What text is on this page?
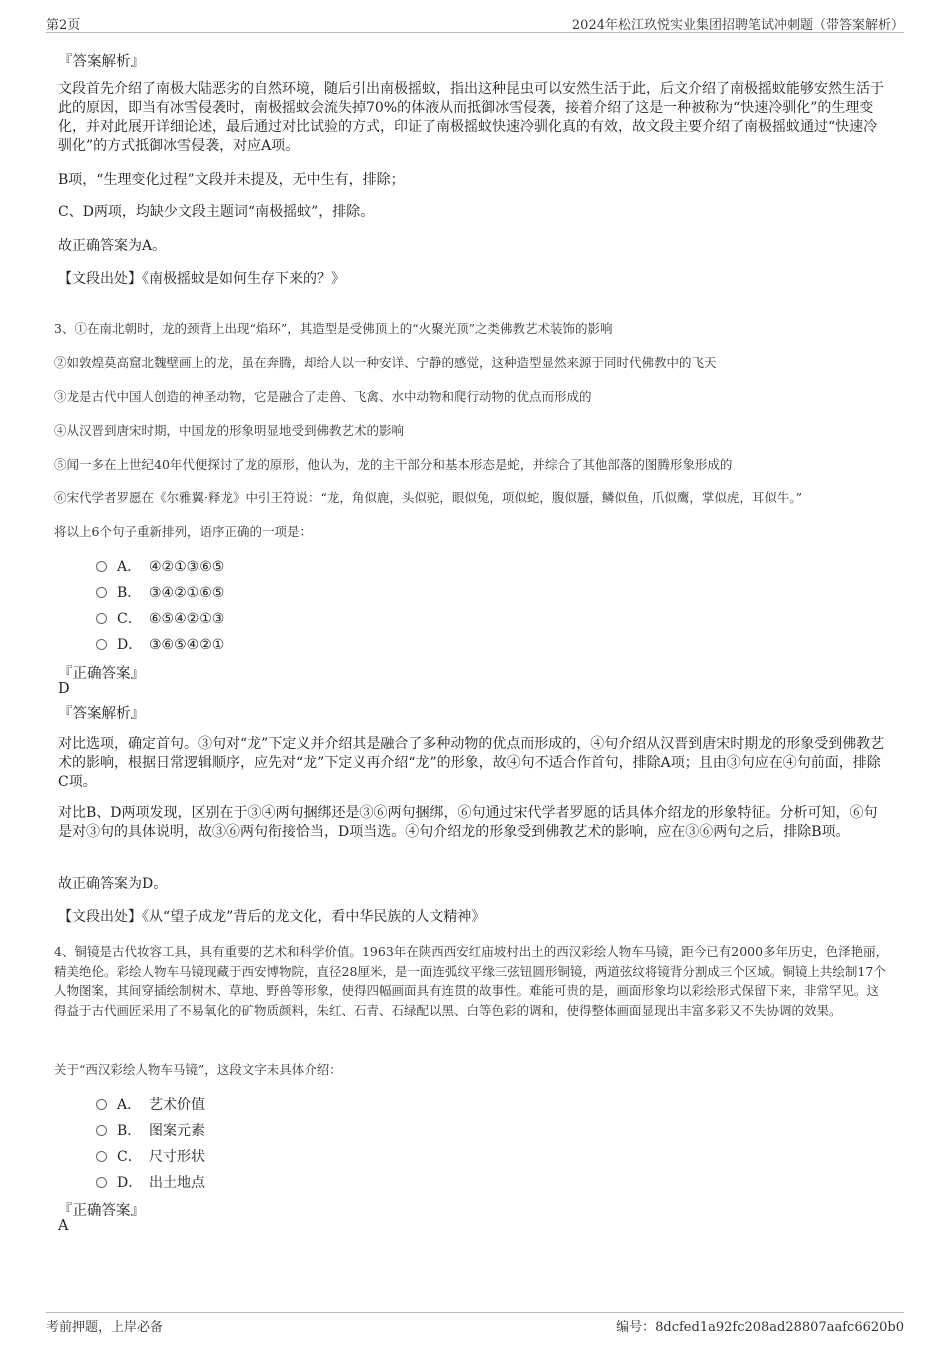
第2页	2024年松江玖悦实业集团招聘笔试冲刺题（带答案解析）
『答案解析』
文段首先介绍了南极大陆恶劣的自然环境，随后引出南极摇蚊，指出这种昆虫可以安然生活于此，后文介绍了南极摇蚊能够安然生活于此的原因，即当有冰雪侵袭时，南极摇蚊会流失掉70%的体液从而抵御冰雪侵袭，接着介绍了这是一种被称为“快速冷驯化”的生理变化，并对此展开详细论述，最后通过对比试验的方式，印证了南极摇蚊快速冷驯化真的有效，故文段主要介绍了南极摇蚊通过“快速冷驯化”的方式抵御冰雪侵袭，对应A项。
B项，“生理变化过程”文段并未提及，无中生有，排除；
C、D两项，均缺少文段主题词“南极摇蚊”，排除。
故正确答案为A。
【文段出处】《南极摇蚊是如何生存下来的？》
3、①在南北朝时，龙的颈背上出现“焰环”，其造型是受佛顶上的“火聚光顶”之类佛教艺术装饰的影响
②如敦煌莫高窟北魏壁画上的龙，虽在奔腾，却给人以一种安详、宁静的感觉，这种造型显然来源于同时代佛教中的飞天
③龙是古代中国人创造的神圣动物，它是融合了走兽、飞禽、水中动物和爬行动物的优点而形成的
④从汉晋到唐宋时期，中国龙的形象明显地受到佛教艺术的影响
⑤闻一多在上世纪40年代便探讨了龙的原形，他认为，龙的主干部分和基本形态是蛇，并综合了其他部落的图腾形象形成的
⑥宋代学者罗愿在《尔雅翼·释龙》中引王符说：“龙，角似鹿，头似驼，眼似兔，项似蛇，腹似蜃，鳞似鱼，爪似鹰，掌似虎，耳似牛。”
将以上6个句子重新排列，语序正确的一项是：
A． ④②①③⑥⑤
B． ③④②①⑥⑤
C． ⑥⑤④②①③
D． ③⑥⑤④②①
『正确答案』
D
『答案解析』
对比选项，确定首句。③句对“龙”下定义并介绍其是融合了多种动物的优点而形成的，④句介绍从汉晋到唐宋时期龙的形象受到佛教艺术的影响，根据日常逻辑顺序，应先对“龙”下定义再介绍“龙”的形象，故④句不适合作首句，排除A项；且由③句应在④句前面，排除C项。
对比B、D两项发现，区别在于③④两句捆绑还是③⑥两句捆绑，⑥句通过宋代学者罗愿的话具体介绍龙的形象特征。分析可知，⑥句是对③句的具体说明，故③⑥两句衔接恰当，D项当选。④句介绍龙的形象受到佛教艺术的影响，应在③⑥两句之后，排除B项。
故正确答案为D。
【文段出处】《从“望子成龙”背后的龙文化，看中华民族的人文精神》
4、铜镜是古代妆容工具，具有重要的艺术和科学价值。1963年在陕西西安红庙坡村出土的西汉彩绘人物车马镜，距今已有2000多年历史，色泽艳丽，精美绝伦。彩绘人物车马镜现藏于西安博物院，直径28厘米，是一面连弧纹平缘三弦钮圆形铜镜，两道弦纹将镜背分割成三个区域。铜镜上共绘制17个人物图案，其间穿插绘制树木、草地、野兽等形象，使得四幅画面具有连贯的故事性。难能可贵的是，画面形象均以彩绘形式保留下来，非常罕见。这得益于古代画匠采用了不易氧化的矿物质颜料，朱红、石青、石绿配以黑、白等色彩的调和，使得整体画面显现出丰富多彩又不失协调的效果。
关于“西汉彩绘人物车马镜”，这段文字未具体介绍：
A． 艺术价值
B． 图案元素
C． 尺寸形状
D． 出土地点
『正确答案』
A
考前押题，上岸必备	编号：8dcfed1a92fc208ad28807aafc6620b0
